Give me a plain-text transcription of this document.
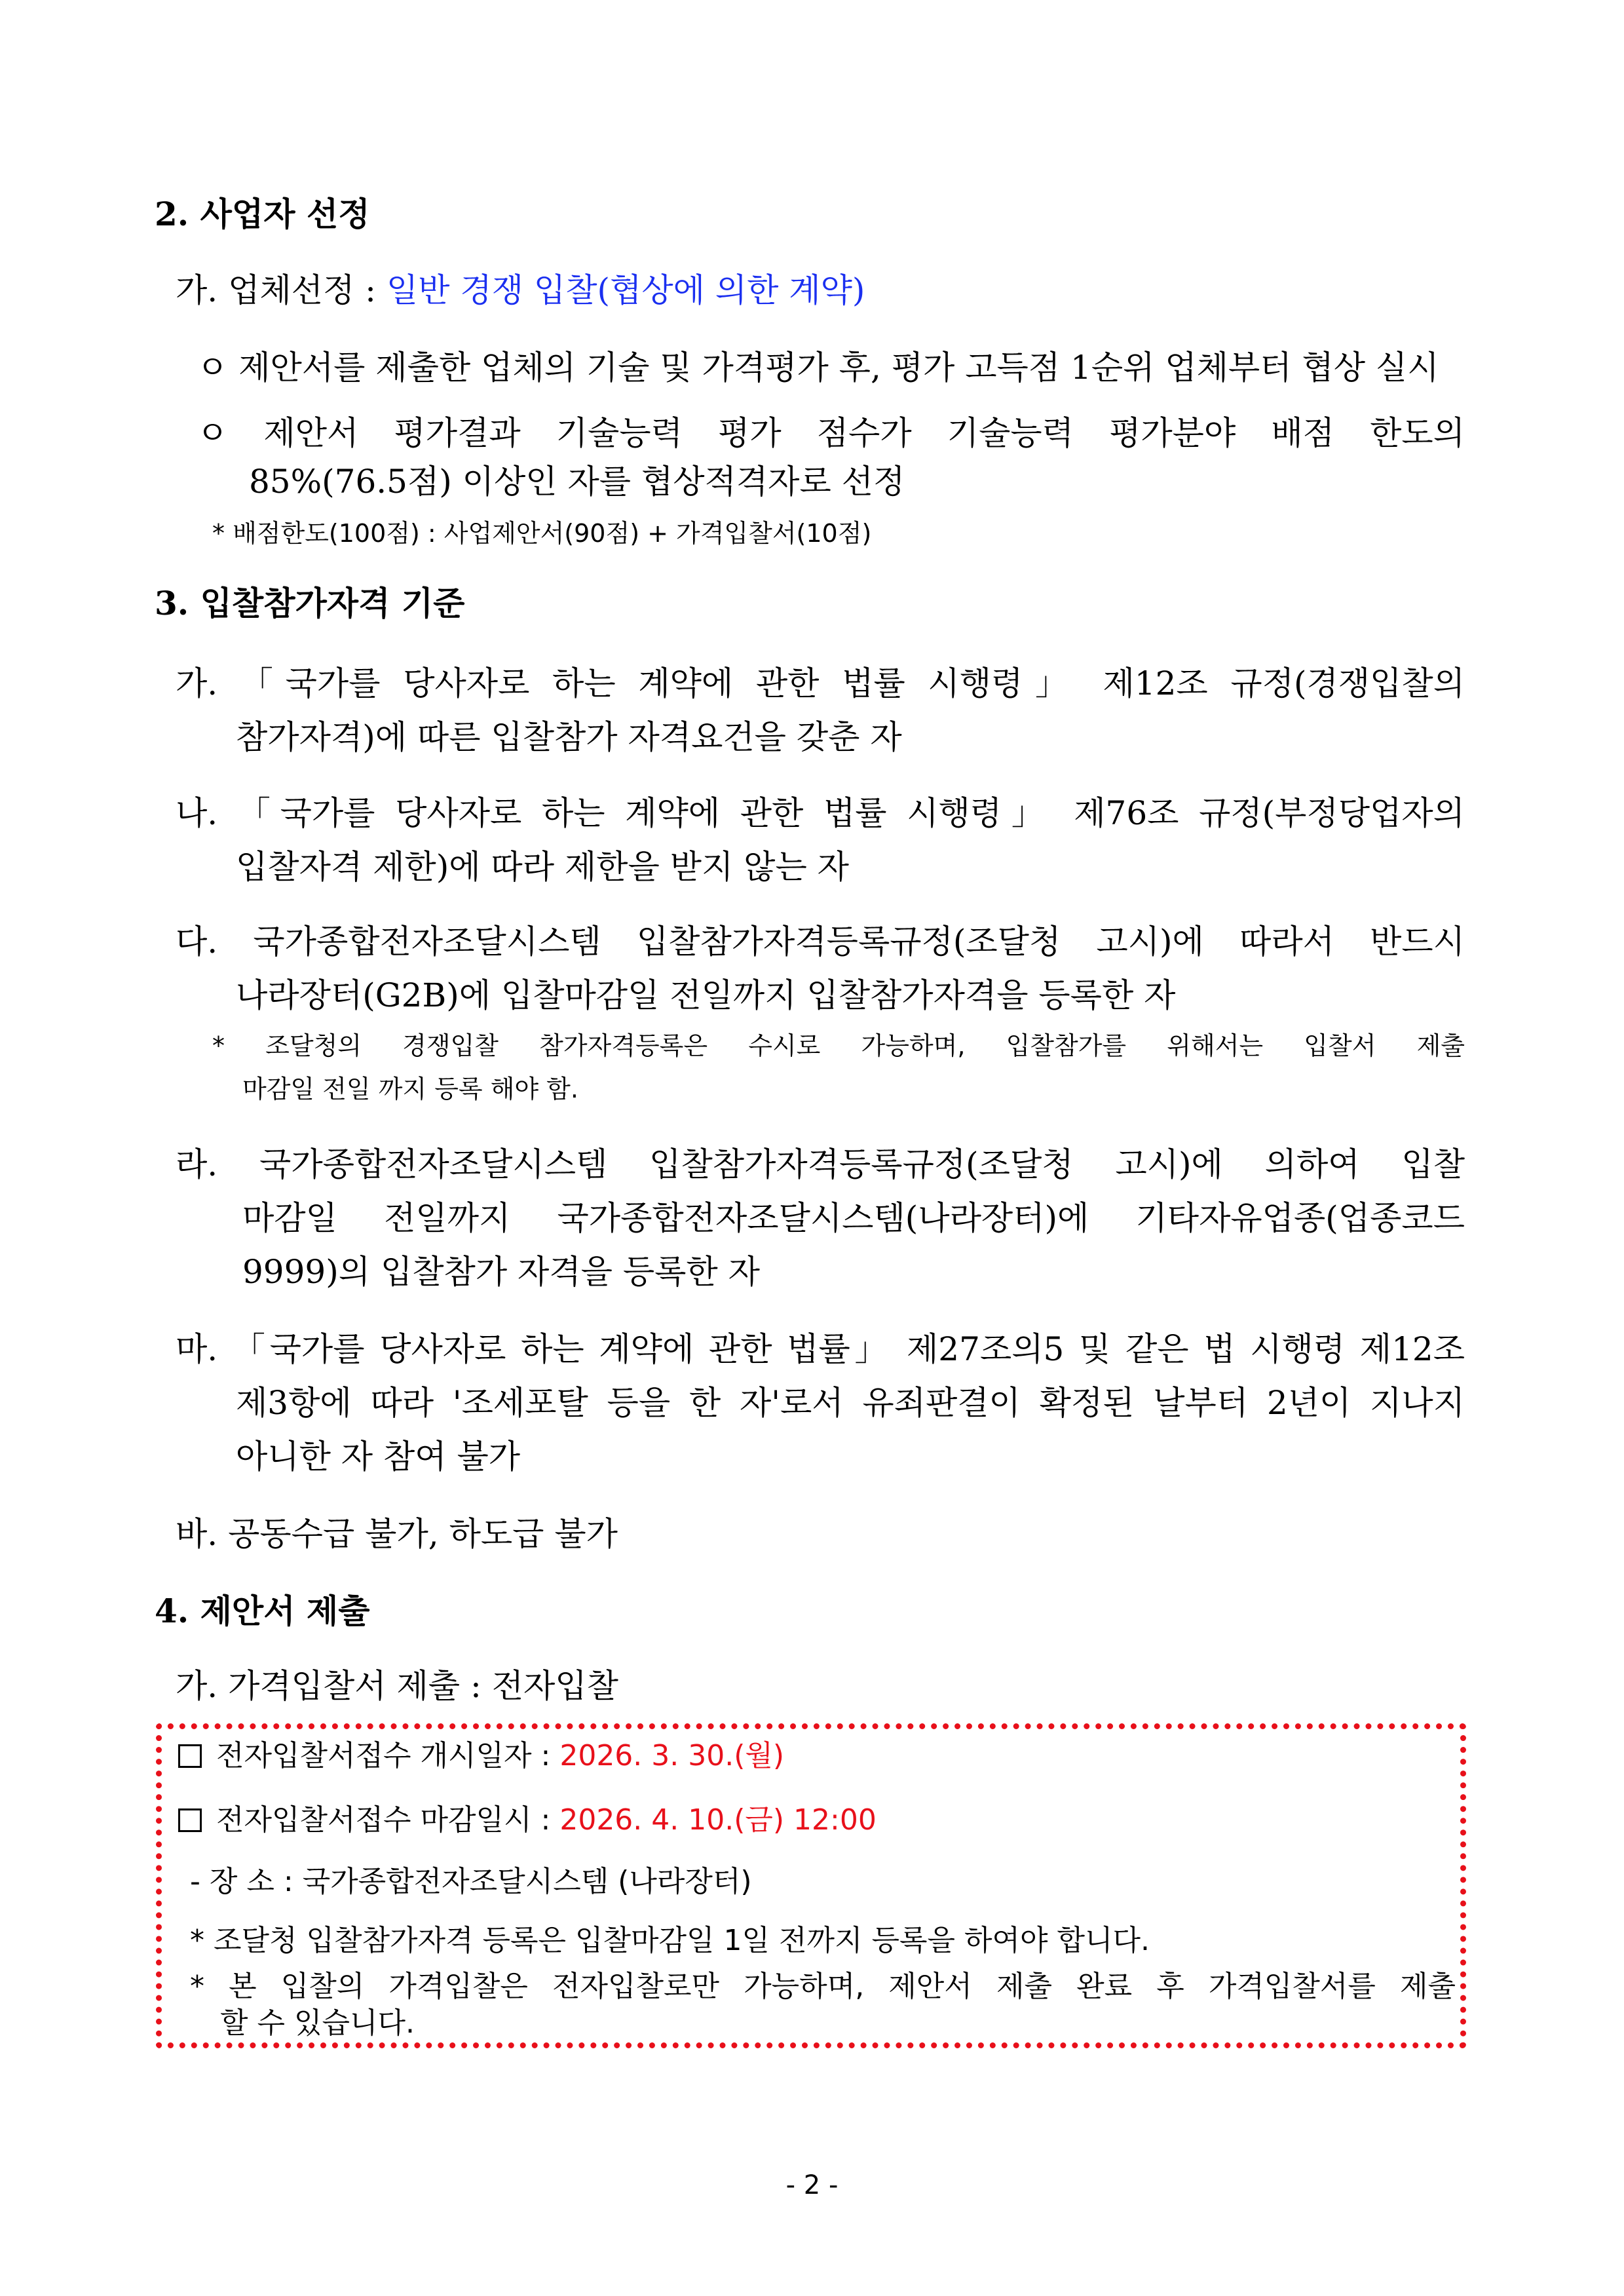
2. 사업자 선정
가. 업체선정 : 일반 경쟁 입찰(협상에 의한 계약)
ㅇ 제안서를 제출한 업체의 기술 및 가격평가 후, 평가 고득점 1순위 업체부터 협상 실시
ㅇ 제안서 평가결과 기술능력 평가 점수가 기술능력 평가분야 배점 한도의
85%(76.5점) 이상인 자를 협상적격자로 선정
* 배점한도(100점) : 사업제안서(90점) + 가격입찰서(10점)
3. 입찰참가자격 기준
가. 「국가를 당사자로 하는 계약에 관한 법률 시행령」 제12조 규정(경쟁입찰의
참가자격)에 따른 입찰참가 자격요건을 갖춘 자
나. 「국가를 당사자로 하는 계약에 관한 법률 시행령」 제76조 규정(부정당업자의
입찰자격 제한)에 따라 제한을 받지 않는 자
다. 국가종합전자조달시스템 입찰참가자격등록규정(조달청 고시)에 따라서 반드시
나라장터(G2B)에 입찰마감일 전일까지 입찰참가자격을 등록한 자
* 조달청의 경쟁입찰 참가자격등록은 수시로 가능하며, 입찰참가를 위해서는 입찰서 제출
마감일 전일 까지 등록 해야 함.
라. 국가종합전자조달시스템 입찰참가자격등록규정(조달청 고시)에 의하여 입찰
마감일 전일까지 국가종합전자조달시스템(나라장터)에 기타자유업종(업종코드
9999)의 입찰참가 자격을 등록한 자
마. 「국가를 당사자로 하는 계약에 관한 법률」 제27조의5 및 같은 법 시행령 제12조
제3항에 따라 '조세포탈 등을 한 자'로서 유죄판결이 확정된 날부터 2년이 지나지
아니한 자 참여 불가
바. 공동수급 불가, 하도급 불가
4. 제안서 제출
가. 가격입찰서 제출 : 전자입찰
전자입찰서접수 개시일자 : 2026. 3. 30.(월)
전자입찰서접수 마감일시 : 2026. 4. 10.(금) 12:00
- 장 소 : 국가종합전자조달시스템 (나라장터)
* 조달청 입찰참가자격 등록은 입찰마감일 1일 전까지 등록을 하여야 합니다.
* 본 입찰의 가격입찰은 전자입찰로만 가능하며, 제안서 제출 완료 후 가격입찰서를 제출
할 수 있습니다.
- 2 -
